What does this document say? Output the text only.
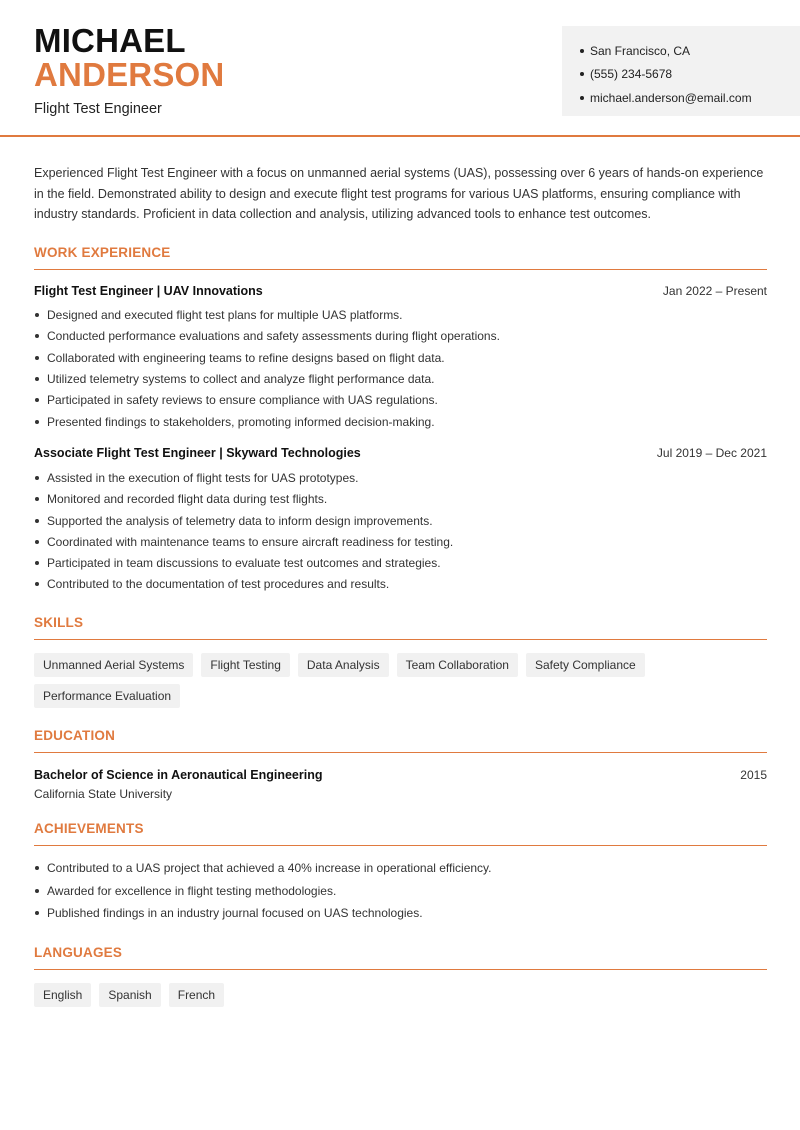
MICHAEL
ANDERSON
Flight Test Engineer
San Francisco, CA
(555) 234-5678
michael.anderson@email.com
Experienced Flight Test Engineer with a focus on unmanned aerial systems (UAS), possessing over 6 years of hands-on experience in the field. Demonstrated ability to design and execute flight test programs for various UAS platforms, ensuring compliance with industry standards. Proficient in data collection and analysis, utilizing advanced tools to enhance test outcomes.
WORK EXPERIENCE
Flight Test Engineer | UAV Innovations	Jan 2022 – Present
Designed and executed flight test plans for multiple UAS platforms.
Conducted performance evaluations and safety assessments during flight operations.
Collaborated with engineering teams to refine designs based on flight data.
Utilized telemetry systems to collect and analyze flight performance data.
Participated in safety reviews to ensure compliance with UAS regulations.
Presented findings to stakeholders, promoting informed decision-making.
Associate Flight Test Engineer | Skyward Technologies	Jul 2019 – Dec 2021
Assisted in the execution of flight tests for UAS prototypes.
Monitored and recorded flight data during test flights.
Supported the analysis of telemetry data to inform design improvements.
Coordinated with maintenance teams to ensure aircraft readiness for testing.
Participated in team discussions to evaluate test outcomes and strategies.
Contributed to the documentation of test procedures and results.
SKILLS
Unmanned Aerial Systems	Flight Testing	Data Analysis	Team Collaboration	Safety Compliance
Performance Evaluation
EDUCATION
Bachelor of Science in Aeronautical Engineering	2015
California State University
ACHIEVEMENTS
Contributed to a UAS project that achieved a 40% increase in operational efficiency.
Awarded for excellence in flight testing methodologies.
Published findings in an industry journal focused on UAS technologies.
LANGUAGES
English	Spanish	French
